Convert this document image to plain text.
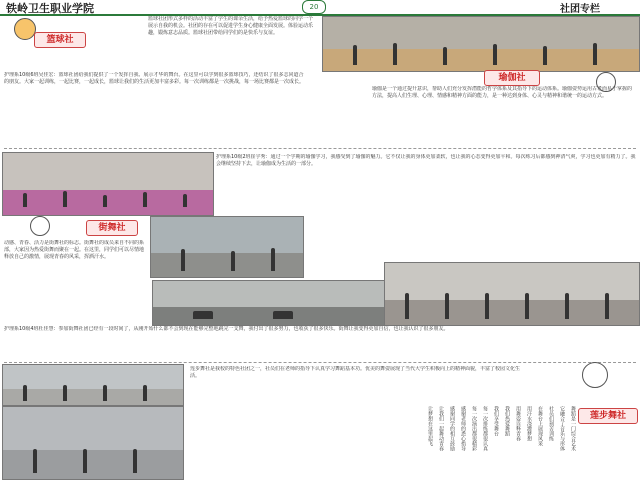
铁岭卫生职业学院	20	社团专栏
篮球社
篮球社团形式多样的活动丰富了学生的课余生活，给予热爱篮球的同学一个展示自我的机会。社团的存在可以促进学生身心健康全面发展。体验运动乐趣，锻炼意志品质。篮球社团带给同学们的是快乐与友谊。
护理系10级6班吴佳宏：篮球社团给我们提供了一个发挥自我、展示才华的舞台。在这里可以学到很多篮球技巧，还结识了很多志同道合的朋友。大家一起训练，一起比赛，一起成长，篮球让我们的生活更加丰富多彩。每一次训练都是一次挑战，每一场比赛都是一次成长。	瑜伽社
瑜伽是一个通过提升意识，帮助人们充分发挥潜能的哲学体系及其指导下的运动体系。瑜伽姿势运用古老而易于掌握的方法，提高人们生理、心理、情感和精神方面的能力，是一种达到身体、心灵与精神和谐统一的运动方式。
护理系10级2班崔宇秀：通过一个学期的瑜伽学习，我感受到了瑜伽的魅力。它不仅让我的身体更加柔软，也让我的心态变得更加平和。每次练习后都感到神清气爽，学习也更加有精力了。我会继续坚持下去，让瑜伽成为生活的一部分。
街舞社
动感、青春、活力是街舞社的标志。街舞社的成员来自不同的系部，大家因为热爱街舞而聚在一起。在这里，同学们可以尽情地释放自己的激情，展现青春的风采，挥洒汗水。
护理系10级4班杜佳慧：参加街舞社团已经有一段时间了，从刚开始什么都不会到现在能够完整地跳完一支舞，我付出了很多努力，也收获了很多快乐。街舞让我变得更加自信，也让我认识了很多朋友。
莲步舞社是我校的特色社团之一，社员们在老师的指导下认真学习舞蹈基本功。优美的舞姿展现了当代大学生积极向上的精神面貌，丰富了校园文化生活。
莲步舞社
舞蹈是一门综合艺术
它融合了音乐与形体
社员们刻苦训练
在舞台上展现风采
用汗水浇灌梦想
用舞姿诠释青春
我们热爱舞蹈
我们享受舞台
每一次排练都很认真
每一次演出都很精彩
感谢老师的悉心指导
感谢同学的相互鼓励
让我们一起舞动青春
让梦想在这里起飞
